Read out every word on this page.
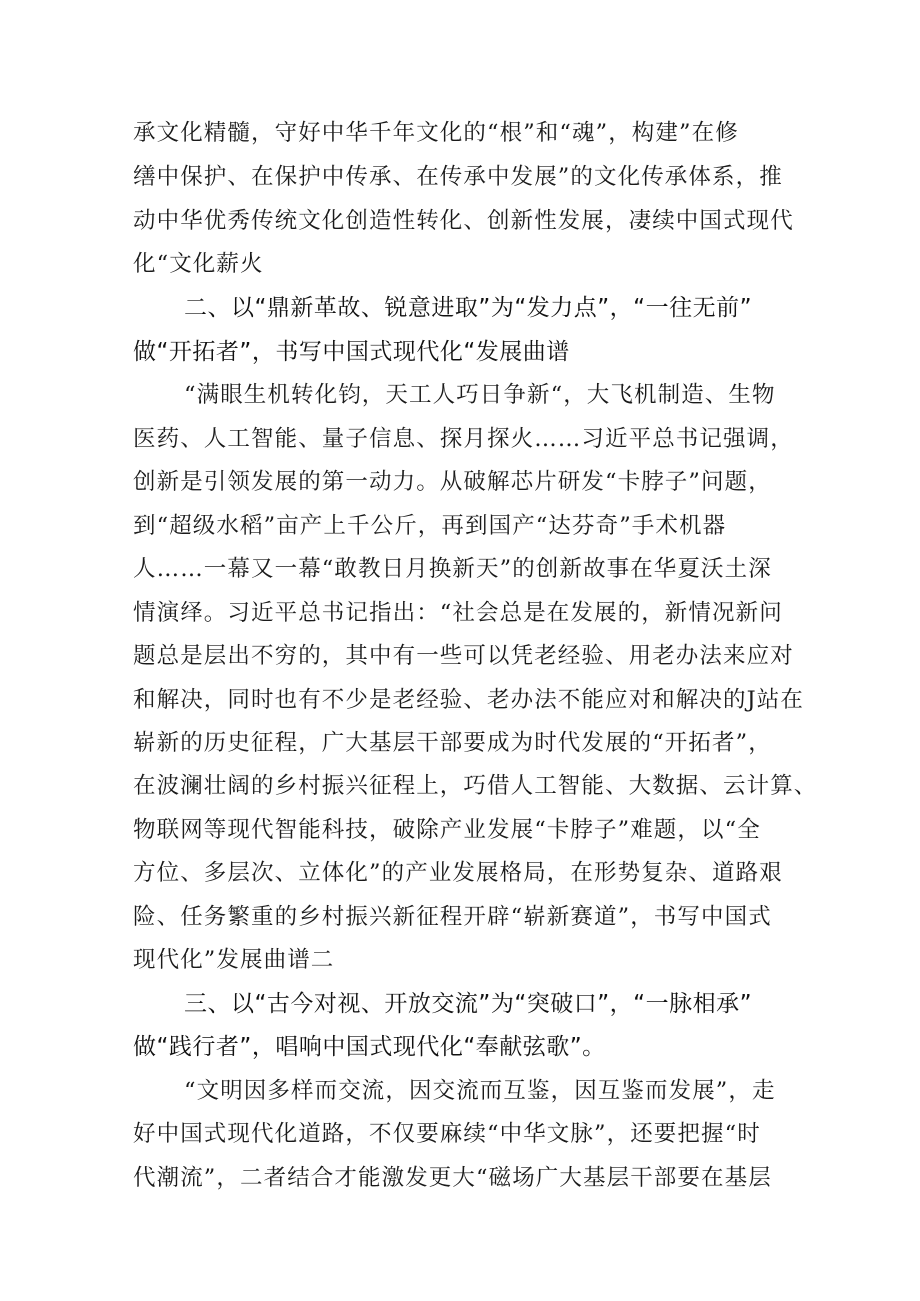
承文化精髓，守好中华千年文化的“根”和“魂”，构建”在修
缮中保护、在保护中传承、在传承中发展”的文化传承体系，推
动中华优秀传统文化创造性转化、创新性发展，凄续中国式现代
化“文化薪火
二、以“鼎新革故、锐意进取”为“发力点”，“一往无前”
做“开拓者”，书写中国式现代化“发展曲谱
“满眼生机转化钧，天工人巧日争新“，大飞机制造、生物
医药、人工智能、量子信息、探月探火……习近平总书记强调，
创新是引领发展的第一动力。从破解芯片研发“卡脖子”问题，
到“超级水稻”亩产上千公斤，再到国产“达芬奇”手术机器
人……一幕又一幕“敢教日月换新天”的创新故事在华夏沃土深
情演绎。习近平总书记指出：“社会总是在发展的，新情况新问
题总是层出不穷的，其中有一些可以凭老经验、用老办法来应对
和解决，同时也有不少是老经验、老办法不能应对和解决的J站在
崭新的历史征程，广大基层干部要成为时代发展的“开拓者”，
在波澜壮阔的乡村振兴征程上，巧借人工智能、大数据、云计算、
物联网等现代智能科技，破除产业发展“卡脖子”难题，以“全
方位、多层次、立体化”的产业发展格局，在形势复杂、道路艰
险、任务繁重的乡村振兴新征程开辟“崭新赛道”，书写中国式
现代化”发展曲谱二
三、以“古今对视、开放交流”为“突破口”，“一脉相承”
做“践行者”，唱响中国式现代化“奉献弦歌”。
“文明因多样而交流，因交流而互鉴，因互鉴而发展”，走
好中国式现代化道路，不仅要麻续“中华文脉”，还要把握“时
代潮流”，二者结合才能激发更大“磁场广大基层干部要在基层
